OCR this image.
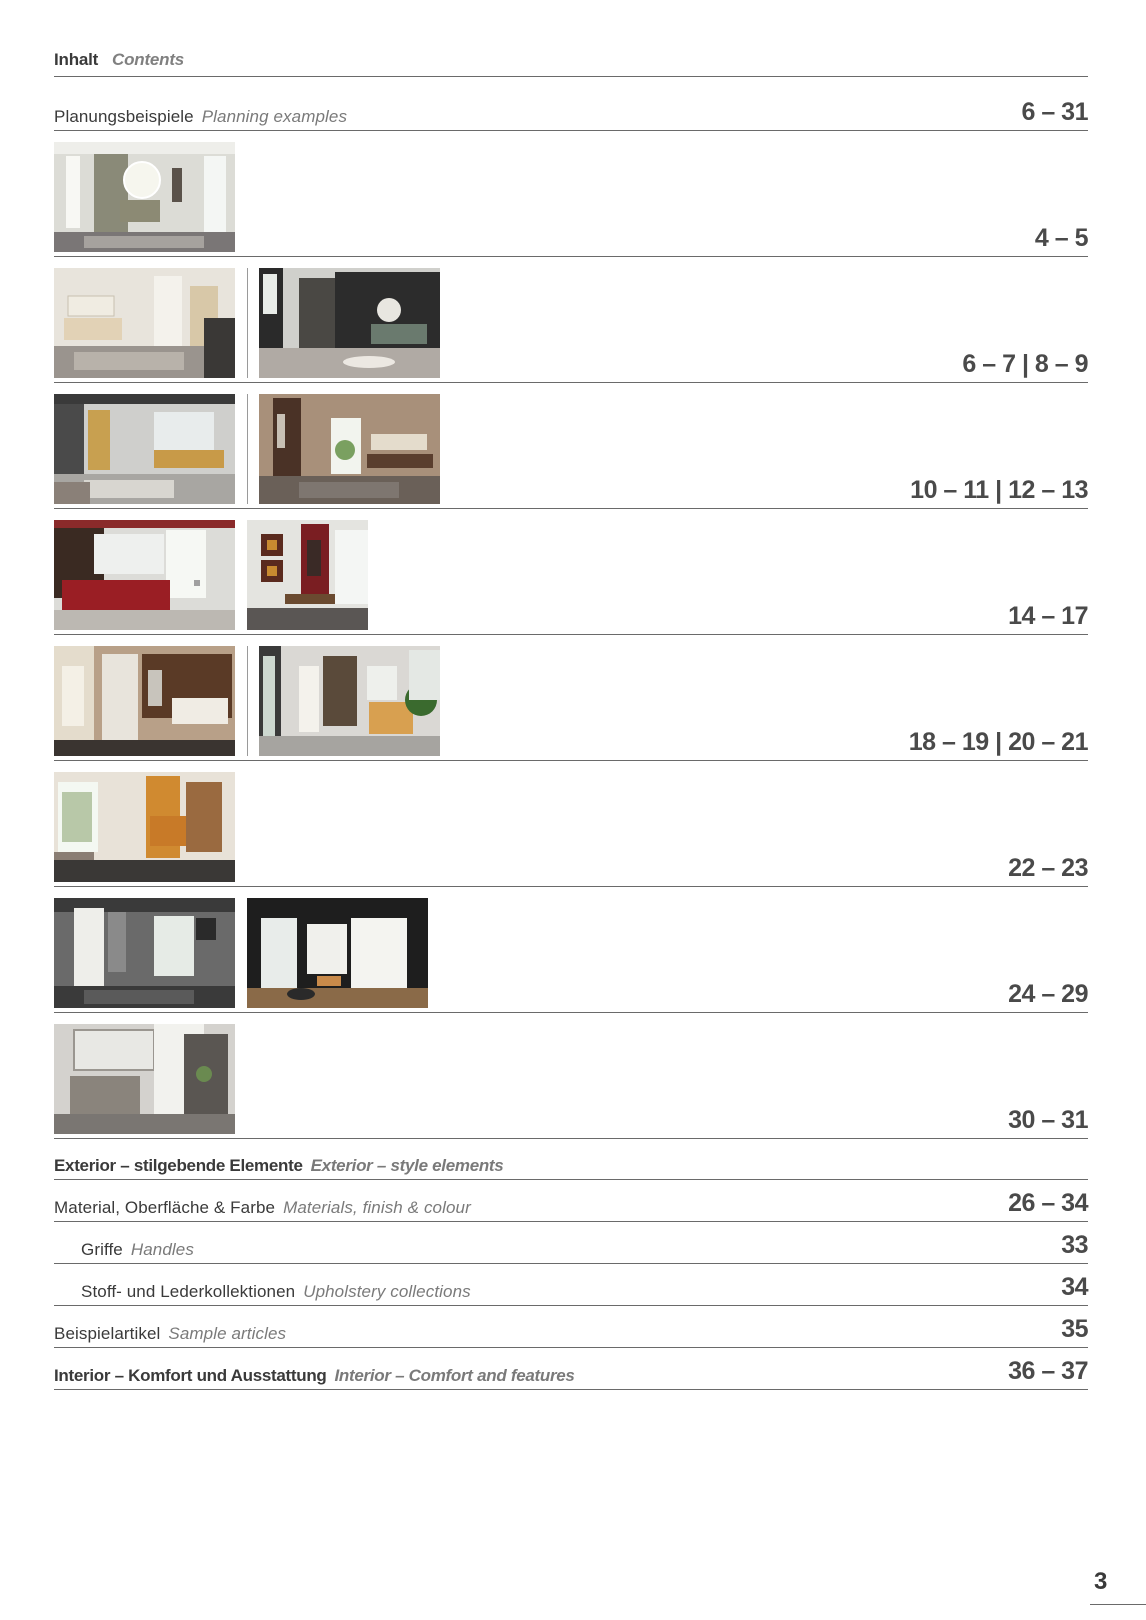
Inhalt Contents
Planungsbeispiele Planning examples	6 – 31
4 – 5
6 – 7 | 8 – 9
10 – 11 | 12 – 13
14 – 17
18 – 19 | 20 – 21
22 – 23
24 – 29
30 – 31
Exterior – stilgebende Elemente Exterior – style elements
Material, Oberfläche & Farbe Materials, finish & colour	26 – 34
Griffe Handles	33
Stoff- und Lederkollektionen Upholstery collections	34
Beispielartikel Sample articles	35
Interior – Komfort und Ausstattung Interior – Comfort and features	36 – 37
3
